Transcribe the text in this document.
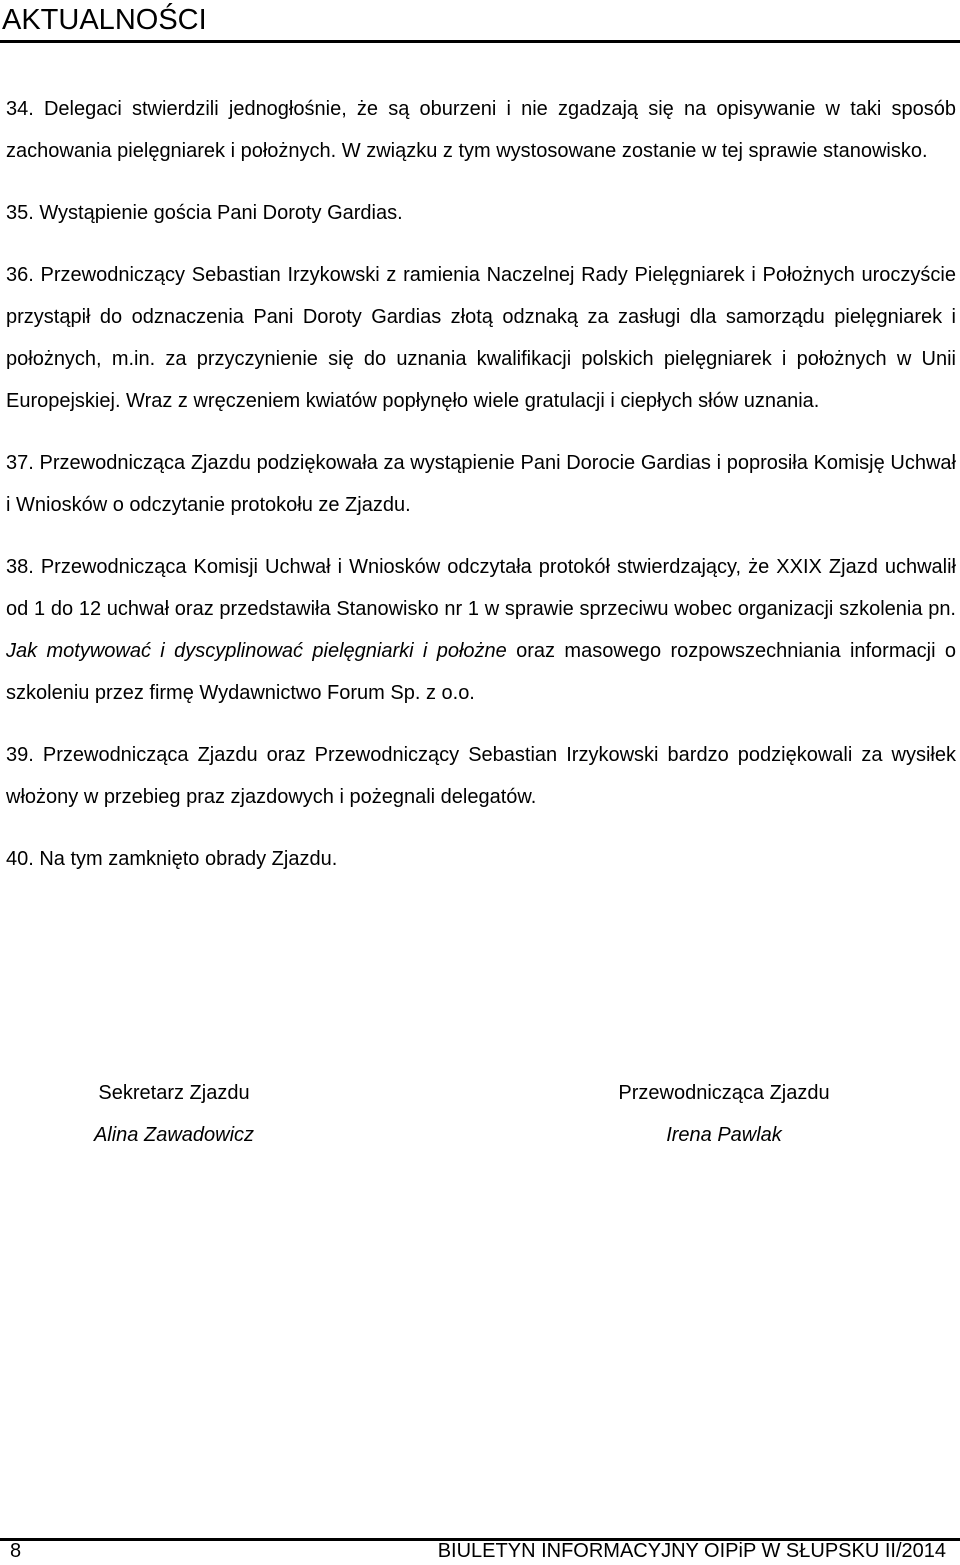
AKTUALNOŚCI

34. Delegaci stwierdzili jednogłośnie, że są oburzeni i nie zgadzają się na opisywanie w taki sposób zachowania pielęgniarek i położnych. W związku z tym wystosowane zostanie w tej sprawie stanowisko.

35. Wystąpienie gościa Pani Doroty Gardias.

36. Przewodniczący Sebastian Irzykowski z ramienia Naczelnej Rady Pielęgniarek i Położnych uroczyście przystąpił do odznaczenia Pani Doroty Gardias złotą odznaką za zasługi dla samorządu pielęgniarek i położnych, m.in. za przyczynienie się do uznania kwalifikacji polskich pielęgniarek i położnych w Unii Europejskiej. Wraz z wręczeniem kwiatów popłynęło wiele gratulacji i ciepłych słów uznania.

37. Przewodnicząca Zjazdu podziękowała za wystąpienie Pani Dorocie Gardias i poprosiła Komisję Uchwał i Wniosków o odczytanie protokołu ze Zjazdu.

38. Przewodnicząca Komisji Uchwał i Wniosków odczytała protokół stwierdzający, że XXIX Zjazd uchwalił od 1 do 12 uchwał oraz przedstawiła Stanowisko nr 1 w sprawie sprzeciwu wobec organizacji szkolenia pn. Jak motywować i dyscyplinować pielęgniarki i położne oraz masowego rozpowszechniania informacji o szkoleniu przez firmę Wydawnictwo Forum Sp. z o.o.

39. Przewodnicząca Zjazdu oraz Przewodniczący Sebastian Irzykowski bardzo podziękowali za wysiłek włożony w przebieg praz zjazdowych i pożegnali delegatów.

40. Na tym zamknięto obrady Zjazdu.

Sekretarz Zjazdu
Alina Zawadowicz
Przewodnicząca Zjazdu
Irena Pawlak
8	BIULETYN INFORMACYJNY OIPiP W SŁUPSKU II/2014
